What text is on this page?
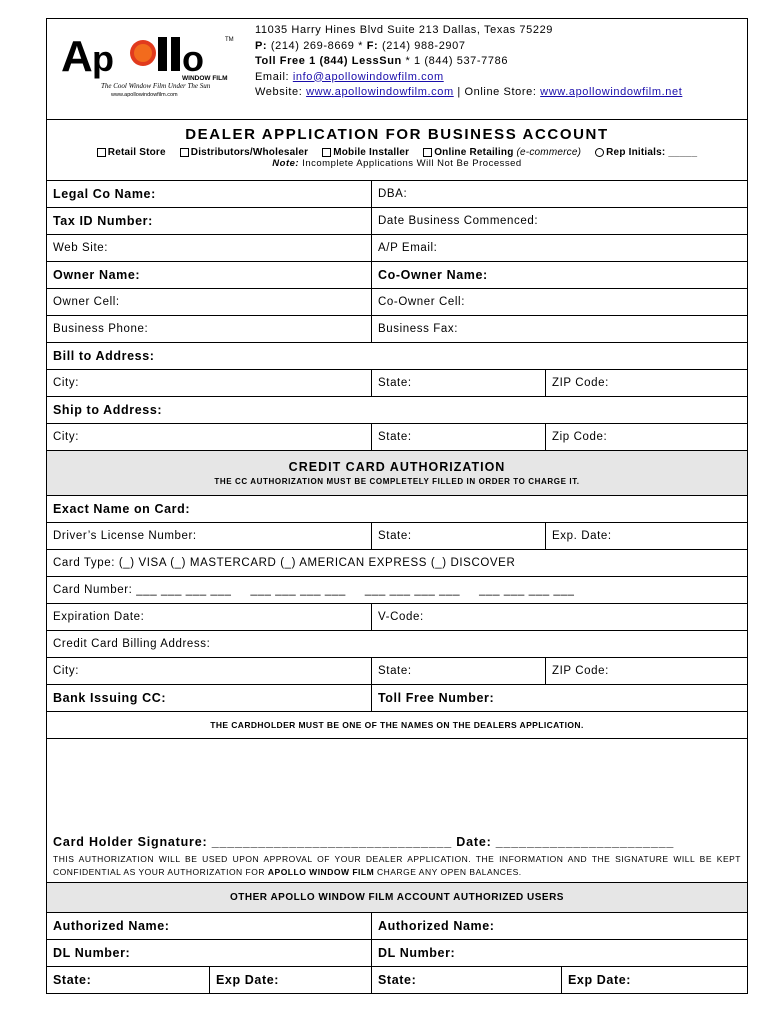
A p o	TM
WINDOW FILM
The Cool Window Film Under The Sun
www.apollowindowfilm.com
11035 Harry Hines Blvd Suite 213 Dallas, Texas 75229
P: (214) 269-8669 * F: (214) 988-2907
Toll Free 1 (844) LessSun * 1 (844) 537-7786
Email: info@apollowindowfilm.com
Website: www.apollowindowfilm.com | Online Store: www.apollowindowfilm.net
DEALER APPLICATION FOR BUSINESS ACCOUNT
Retail Store	Distributors/Wholesaler	Mobile Installer	Online Retailing (e-commerce)	Rep Initials: _____
Note: Incomplete Applications Will Not Be Processed
Legal Co Name:	DBA:
Tax ID Number:	Date Business Commenced:
Web Site:	A/P Email:
Owner Name:	Co-Owner Name:
Owner Cell:	Co-Owner Cell:
Business Phone:	Business Fax:
Bill to Address:
City:	State:	ZIP Code:
Ship to Address:
City:	State:	Zip Code:
CREDIT CARD AUTHORIZATION
THE CC AUTHORIZATION MUST BE COMPLETELY FILLED IN ORDER TO CHARGE IT.
Exact Name on Card:
Driver’s License Number:	State:	Exp. Date:
Card Type: (_) VISA (_) MASTERCARD (_) AMERICAN EXPRESS (_) DISCOVER
Card Number: ___ ___ ___ ___     ___ ___ ___ ___     ___ ___ ___ ___     ___ ___ ___ ___
Expiration Date:	V-Code:
Credit Card Billing Address:
City:	State:	ZIP Code:
Bank Issuing CC:	Toll Free Number:
THE CARDHOLDER MUST BE ONE OF THE NAMES ON THE DEALERS APPLICATION.
Card Holder Signature: _______________________________ Date: _______________________
THIS AUTHORIZATION WILL BE USED UPON APPROVAL OF YOUR DEALER APPLICATION. THE INFORMATION AND THE SIGNATURE WILL BE KEPT CONFIDENTIAL AS YOUR AUTHORIZATION FOR APOLLO WINDOW FILM CHARGE ANY OPEN BALANCES.
OTHER APOLLO WINDOW FILM ACCOUNT AUTHORIZED USERS
Authorized Name:	Authorized Name:
DL Number:	DL Number:
State:	Exp Date:	State:	Exp Date:
